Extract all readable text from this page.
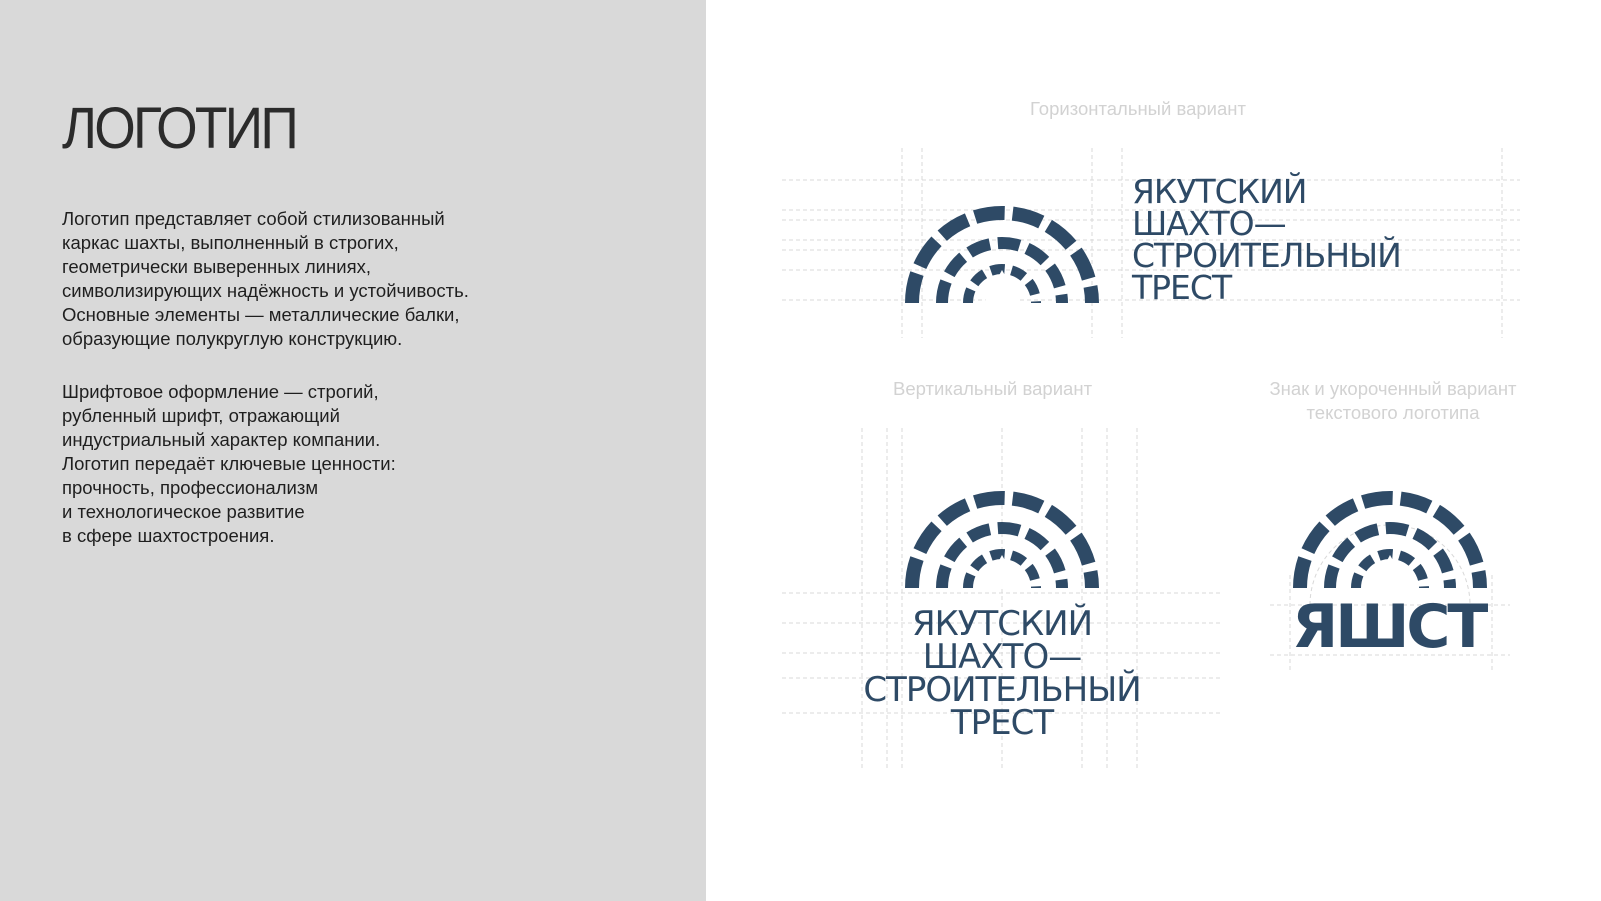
ЛОГОТИП
Логотип представляет собой стилизованный
каркас шахты, выполненный в строгих,
геометрически выверенных линиях,
символизирующих надёжность и устойчивость.
Основные элементы — металлические балки,
образующие полукруглую конструкцию.
Шрифтовое оформление — строгий,
рубленный шрифт, отражающий
индустриальный характер компании.
Логотип передаёт ключевые ценности:
прочность, профессионализм
и технологическое развитие
в сфере шахтостроения.
Горизонтальный вариант
Вертикальный вариант	Знак и укороченный вариант
текстового логотипа
ЯКУТСКИЙ
ШАХТО—
СТРОИТЕЛЬНЫЙ
ТРЕСТ
ЯКУТСКИЙ
ШАХТО—
СТРОИТЕЛЬНЫЙ
ТРЕСТ
ЯШСТ
